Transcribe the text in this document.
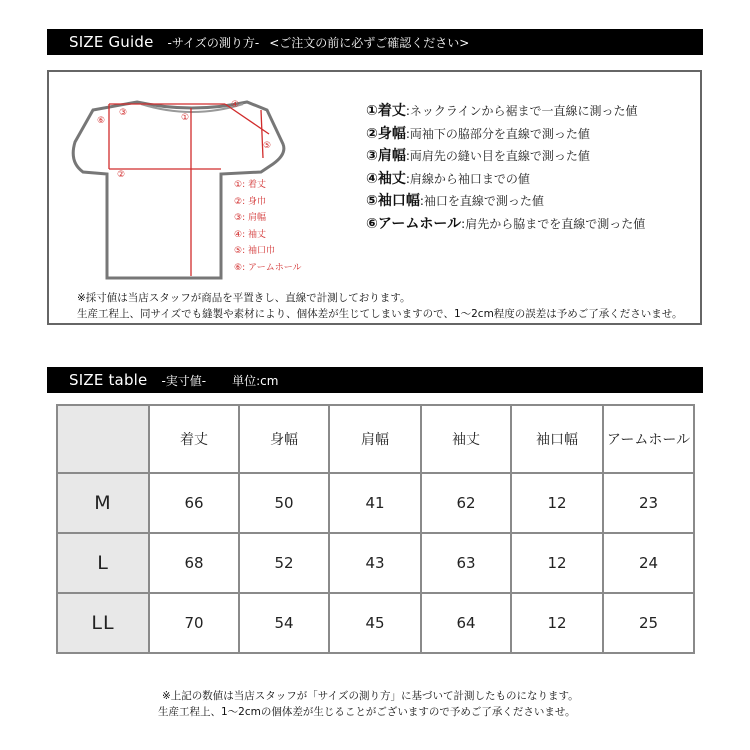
SIZE Guide -サイズの測り方- <ご注文の前に必ずご確認ください>
③	①
④
⑥
⑤
②
①: 着丈
②: 身巾
③: 肩幅
④: 袖丈
⑤: 袖口巾
⑥: アームホール
①着丈 : ネックラインから裾まで一直線に測った値
②身幅 : 両袖下の脇部分を直線で測った値
③肩幅 : 両肩先の縫い目を直線で測った値
④袖丈 : 肩線から袖口までの値
⑤袖口幅 : 袖口を直線で測った値
⑥アームホール : 肩先から脇までを直線で測った値
※採寸値は当店スタッフが商品を平置きし、直線で計測しております。
生産工程上、同サイズでも縫製や素材により、個体差が生じてしまいますので、1～2cm程度の誤差は予めご了承くださいませ。
SIZE table -実寸値- 単位:cm
	着丈	身幅	肩幅	袖丈	袖口幅	アームホール
M	66	50	41	62	12	23
L	68	52	43	63	12	24
LL	70	54	45	64	12	25
※上記の数値は当店スタッフが「サイズの測り方」に基づいて計測したものになります。
生産工程上、1～2cmの個体差が生じることがございますので予めご了承くださいませ。
